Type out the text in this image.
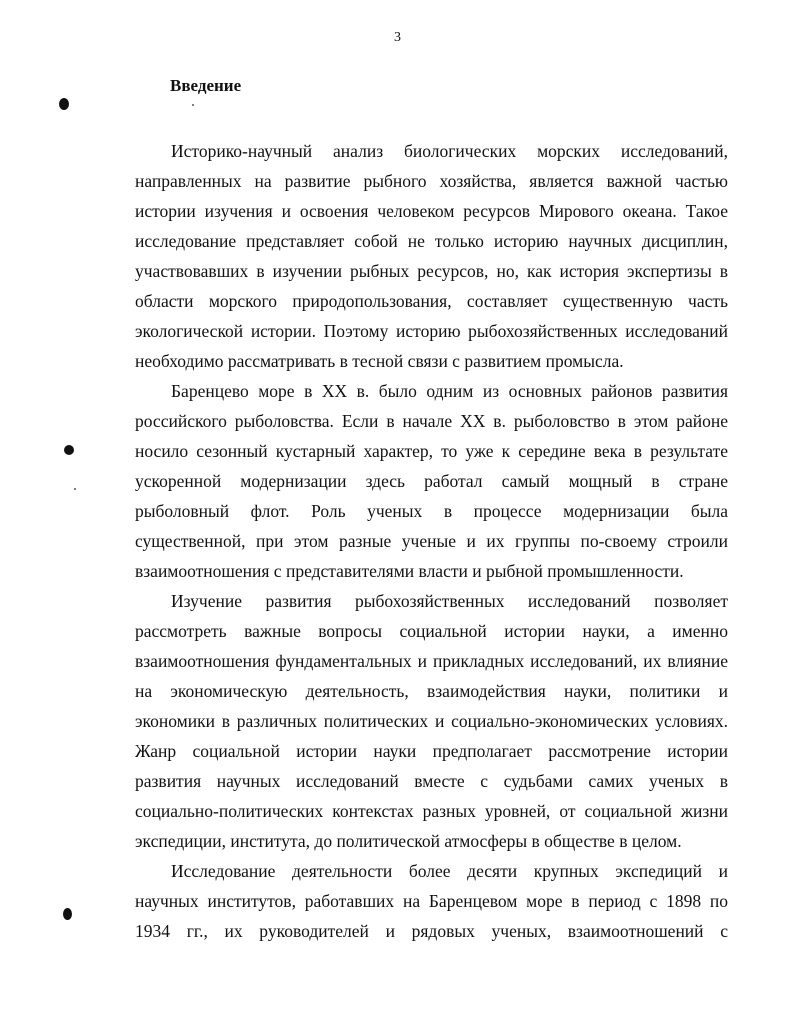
3
Введение
Историко-научный анализ биологических морских исследований,
направленных на развитие рыбного хозяйства, является важной частью
истории изучения и освоения человеком ресурсов Мирового океана. Такое
исследование представляет собой не только историю научных дисциплин,
участвовавших в изучении рыбных ресурсов, но, как история экспертизы в
области морского природопользования, составляет существенную часть
экологической истории. Поэтому историю рыбохозяйственных исследований
необходимо рассматривать в тесной связи с развитием промысла.
Баренцево море в XX в. было одним из основных районов развития
российского рыболовства. Если в начале XX в. рыболовство в этом районе
носило сезонный кустарный характер, то уже к середине века в результате
ускоренной модернизации здесь работал самый мощный в стране
рыболовный флот. Роль ученых в процессе модернизации была
существенной, при этом разные ученые и их группы по-своему строили
взаимоотношения с представителями власти и рыбной промышленности.
Изучение развития рыбохозяйственных исследований позволяет
рассмотреть важные вопросы социальной истории науки, а именно
взаимоотношения фундаментальных и прикладных исследований, их влияние
на экономическую деятельность, взаимодействия науки, политики и
экономики в различных политических и социально-экономических условиях.
Жанр социальной истории науки предполагает рассмотрение истории
развития научных исследований вместе с судьбами самих ученых в
социально-политических контекстах разных уровней, от социальной жизни
экспедиции, института, до политической атмосферы в обществе в целом.
Исследование деятельности более десяти крупных экспедиций и
научных институтов, работавших на Баренцевом море в период с 1898 по
1934 гг., их руководителей и рядовых ученых, взаимоотношений с
